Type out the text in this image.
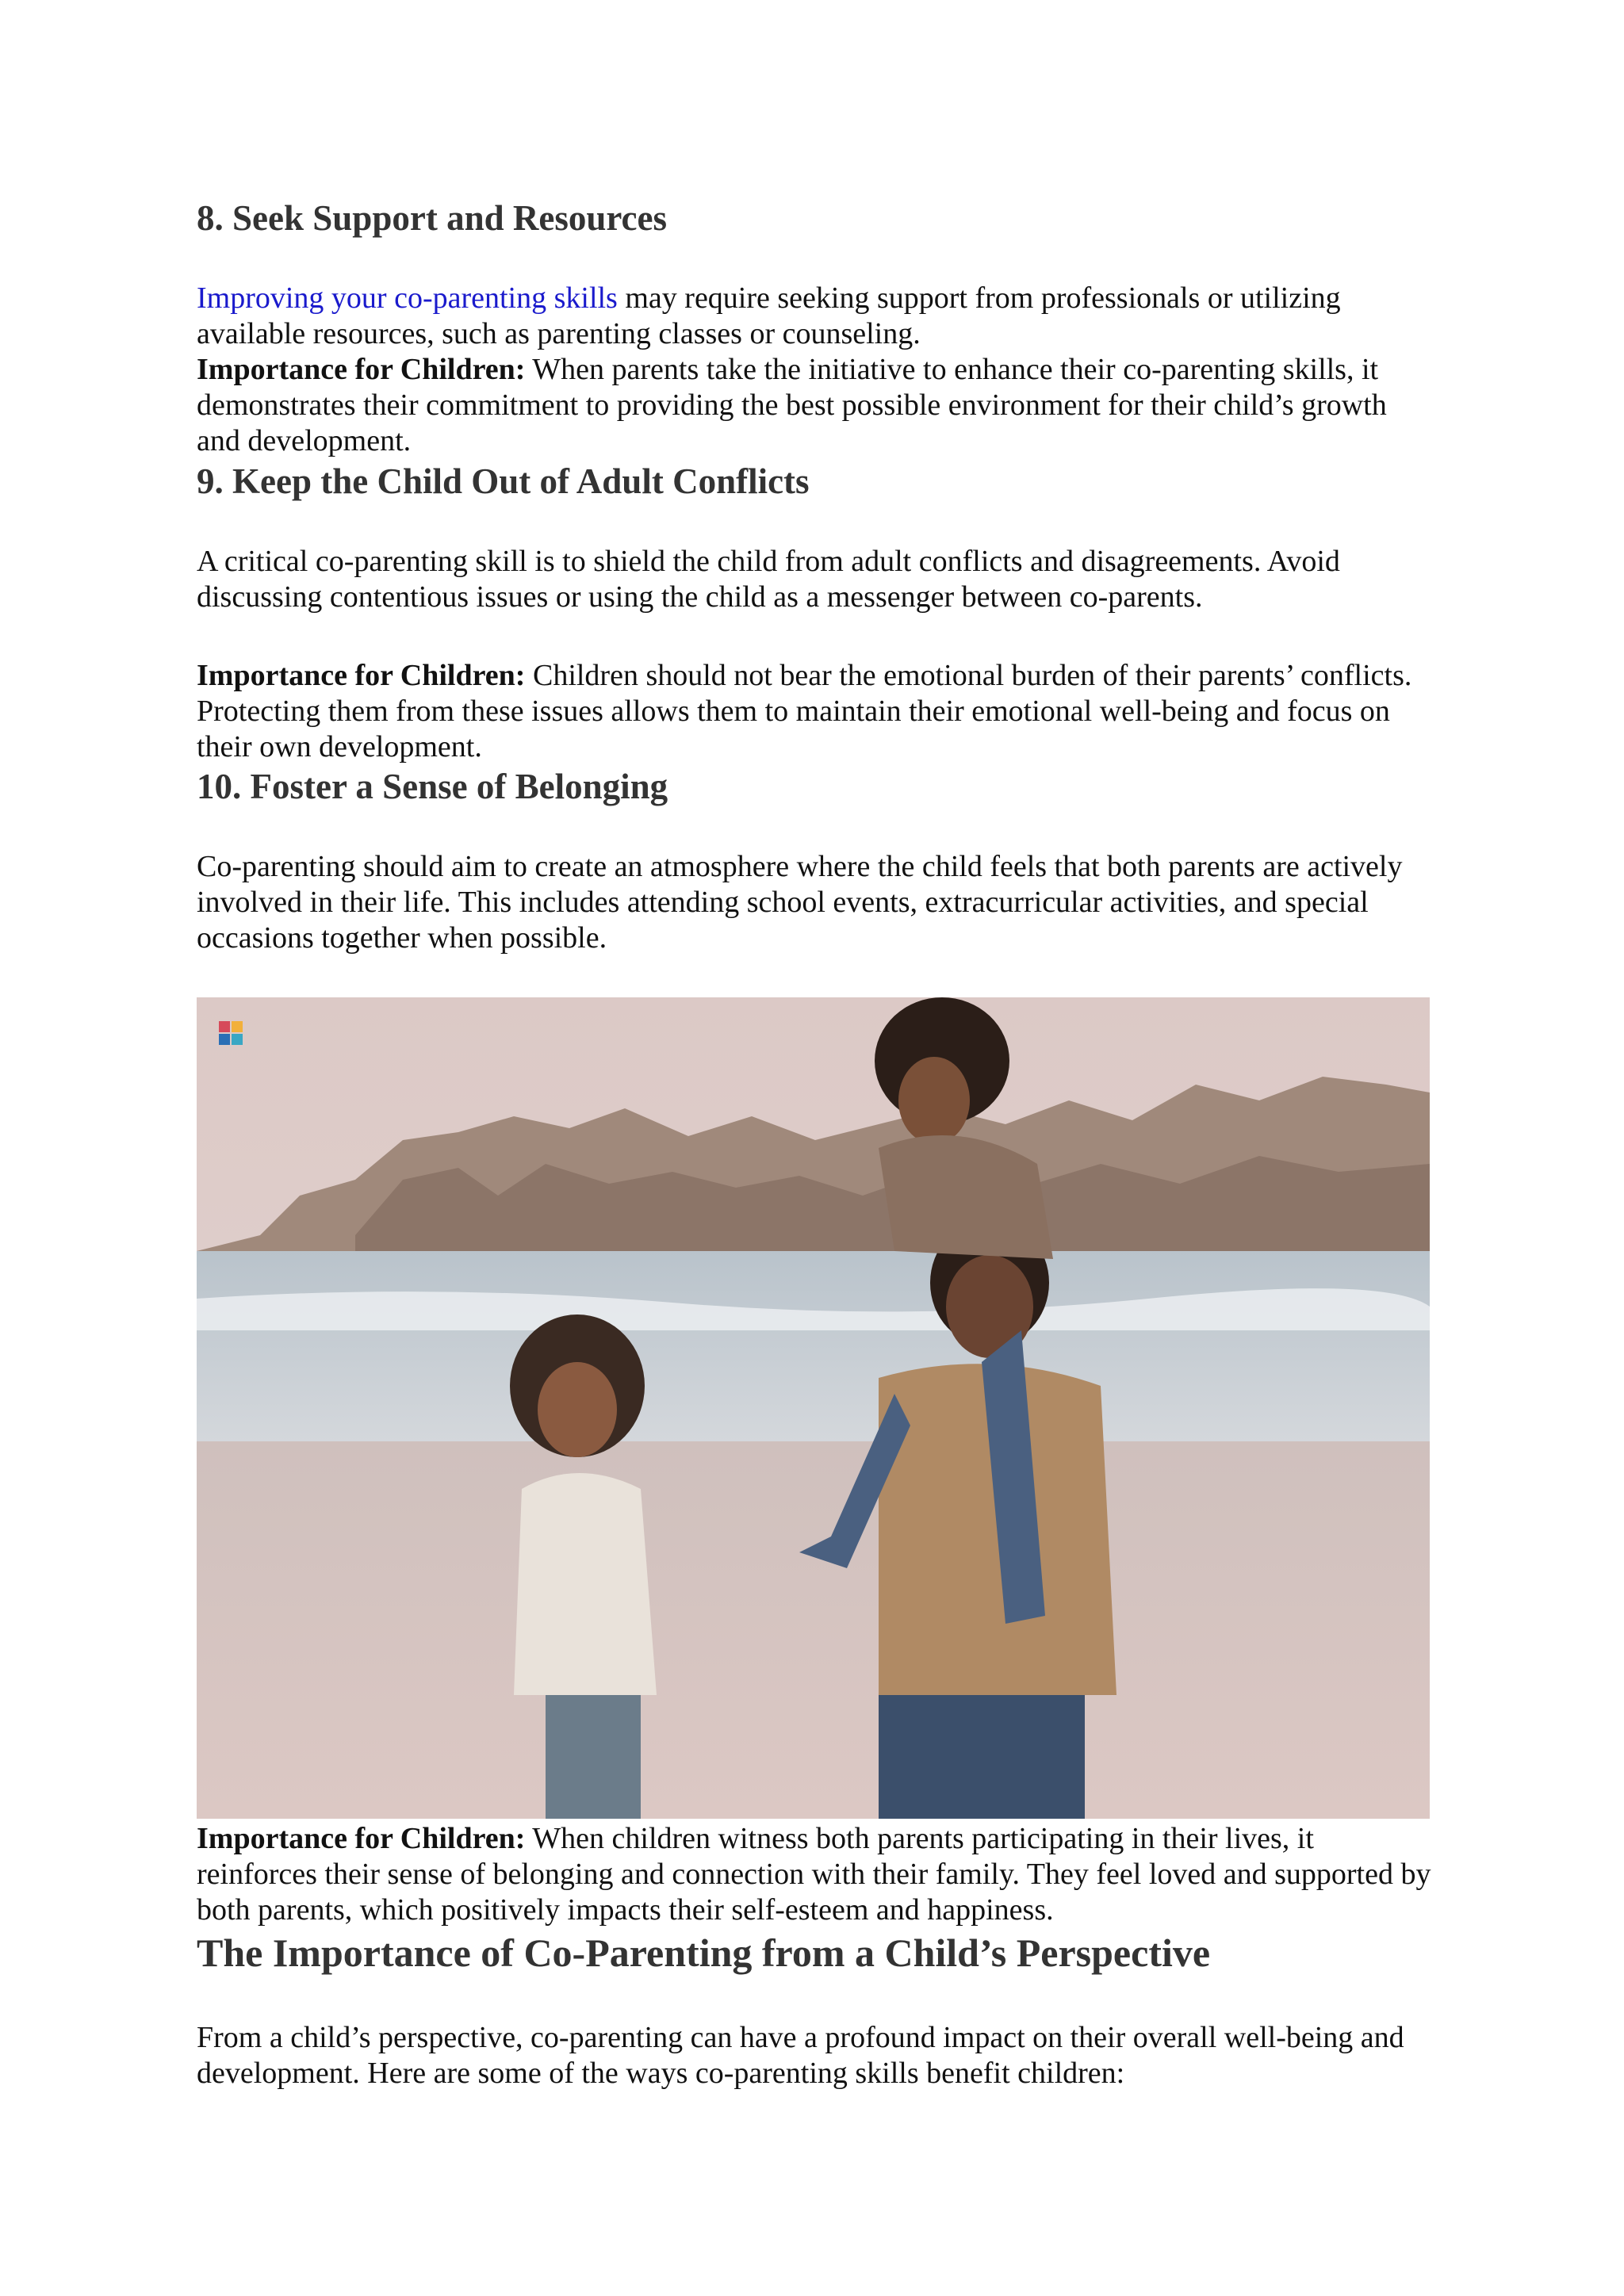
8. Seek Support and Resources

Improving your co-parenting skills may require seeking support from professionals or utilizing available resources, such as parenting classes or counseling.
Importance for Children: When parents take the initiative to enhance their co-parenting skills, it demonstrates their commitment to providing the best possible environment for their child’s growth and development.

9. Keep the Child Out of Adult Conflicts

A critical co-parenting skill is to shield the child from adult conflicts and disagreements. Avoid discussing contentious issues or using the child as a messenger between co-parents.

Importance for Children: Children should not bear the emotional burden of their parents’ conflicts. Protecting them from these issues allows them to maintain their emotional well-being and focus on their own development.

10. Foster a Sense of Belonging

Co-parenting should aim to create an atmosphere where the child feels that both parents are actively involved in their life. This includes attending school events, extracurricular activities, and special occasions together when possible.

Importance for Children: When children witness both parents participating in their lives, it reinforces their sense of belonging and connection with their family. They feel loved and supported by both parents, which positively impacts their self-esteem and happiness.

The Importance of Co-Parenting from a Child’s Perspective

From a child’s perspective, co-parenting can have a profound impact on their overall well-being and development. Here are some of the ways co-parenting skills benefit children:
